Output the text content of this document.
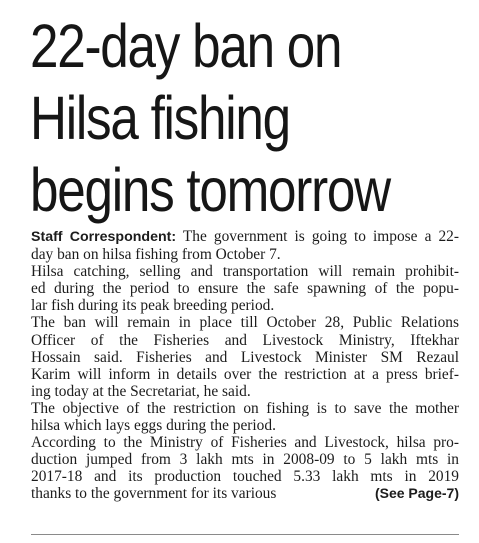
22-day ban on
Hilsa fishing
begins tomorrow
Staff Correspondent: The government is going to impose a 22-
day ban on hilsa fishing from October 7.
Hilsa catching, selling and transportation will remain prohibit-
ed during the period to ensure the safe spawning of the popu-
lar fish during its peak breeding period.
The ban will remain in place till October 28, Public Relations
Officer of the Fisheries and Livestock Ministry, Iftekhar
Hossain said. Fisheries and Livestock Minister SM Rezaul
Karim will inform in details over the restriction at a press brief-
ing today at the Secretariat, he said.
The objective of the restriction on fishing is to save the mother
hilsa which lays eggs during the period.
According to the Ministry of Fisheries and Livestock, hilsa pro-
duction jumped from 3 lakh mts in 2008-09 to 5 lakh mts in
2017-18 and its production touched 5.33 lakh mts in 2019
thanks to the government for its various	(See Page-7)
